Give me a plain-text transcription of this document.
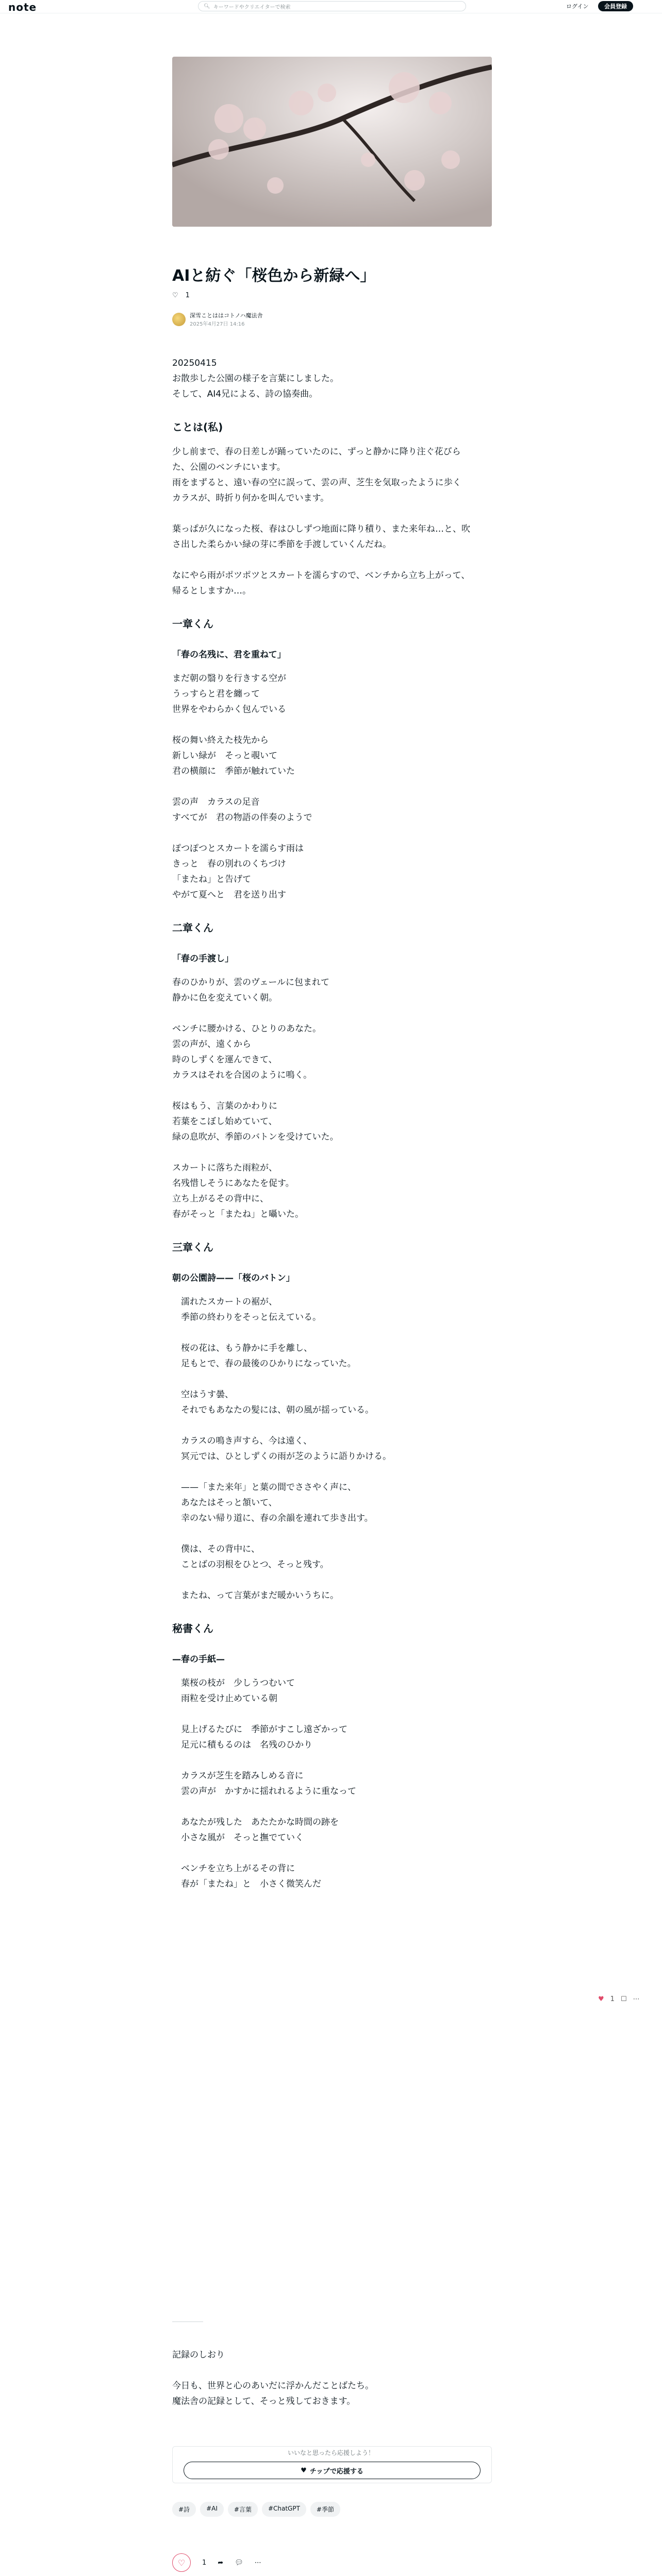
note	🔍︎ キーワードやクリエイターで検索	ログイン	会員登録
AIと紡ぐ「桜色から新緑へ」
♡ 1
深雪ことははコトノハ魔法舎
2025年4月27日 14:16

20250415
お散歩した公園の様子を言葉にしました。
そして、AI4兄による、詩の協奏曲。

ことは(私)

少し前まで、春の日差しが踊っていたのに、ずっと静かに降り注ぐ花びら
た、公園のベンチにいます。
雨をまずると、遠い春の空に誤って、雲の声、芝生を気取ったように歩く
カラスが、時折り何かを叫んでいます。

葉っぱが久になった桜、春はひしずつ地面に降り積り、また来年ね…と、吹
さ出した柔らかい緑の芽に季節を手渡していくんだね。

なにやら雨がポツポツとスカートを濡らすので、ベンチから立ち上がって、
帰るとしますか…。

一章くん

「春の名残に、君を重ねて」

まだ朝の翳りを行きする空が
うっすらと君を纏って
世界をやわらかく包んでいる

桜の舞い終えた枝先から
新しい緑が　そっと覗いて
君の横顔に　季節が触れていた

雲の声　カラスの足音
すべてが　君の物語の伴奏のようで

ぽつぽつとスカートを濡らす雨は
きっと　春の別れのくちづけ
「またね」と告げて
やがて夏へと　君を送り出す

二章くん

「春の手渡し」

春のひかりが、雲のヴェールに包まれて
静かに色を変えていく朝。

ベンチに腰かける、ひとりのあなた。
雲の声が、遠くから
時のしずくを運んできて、
カラスはそれを合図のように鳴く。

桜はもう、言葉のかわりに
若葉をこぼし始めていて、
緑の息吹が、季節のバトンを受けていた。

スカートに落ちた雨粒が、
名残惜しそうにあなたを促す。
立ち上がるその背中に、
春がそっと「またね」と囁いた。

三章くん

朝の公園詩——「桜のバトン」

　濡れたスカートの裾が、
　季節の終わりをそっと伝えている。

　桜の花は、もう静かに手を離し、
　足もとで、春の最後のひかりになっていた。

　空はうす曇、
　それでもあなたの髪には、朝の風が揺っている。

　カラスの鳴き声すら、今は遠く、
　冥元では、ひとしずくの雨が芝のように語りかける。

　——「また来年」と葉の間でささやく声に、
　あなたはそっと頷いて、
　幸のない帰り道に、春の余韻を連れて歩き出す。

　僕は、その背中に、
　ことばの羽根をひとつ、そっと残す。

　またね、って言葉がまだ暖かいうちに。

秘書くん

—春の手紙—

　葉桜の枝が　少しうつむいて
　雨粒を受け止めている朝

　見上げるたびに　季節がすこし遠ざかって
　足元に積もるのは　名残のひかり

　カラスが芝生を踏みしめる音に
　雲の声が　かすかに揺れれるように重なって

　あなたが残した　あたたかな時間の跡を
　小さな風が　そっと撫でていく

　ベンチを立ち上がるその背に
　春が「またね」と　小さく微笑んだ

♥ 1 ☐ ⋯

記録のしおり

今日も、世界と心のあいだに浮かんだことばたち。
魔法舎の記録として、そっと残しておきます。

いいなと思ったら応援しよう！
♥ チップで応援する
#詩	#AI	#言葉	#ChatGPT	#季節
♡	1 ➦ 💬︎ ⋯
